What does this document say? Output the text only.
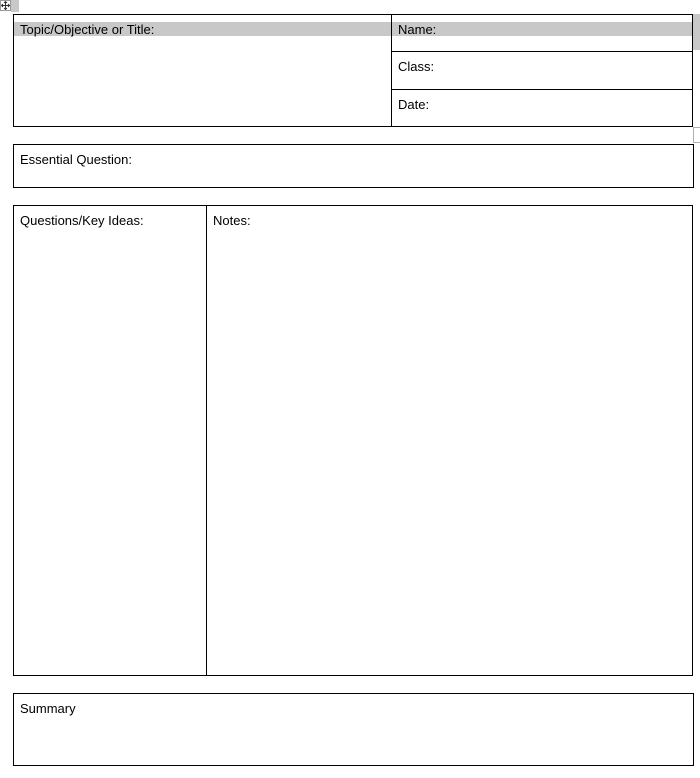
Topic/Objective or Title:	Name:
Class:
Date:
Essential Question:
Questions/Key Ideas:	Notes:
Summary
